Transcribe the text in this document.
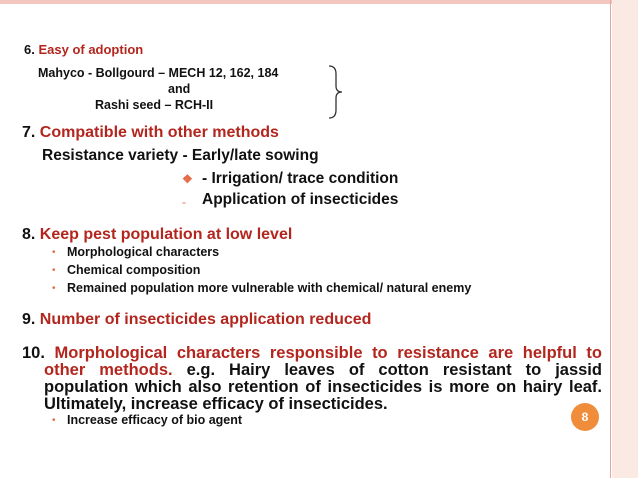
6. Easy of adoption
Mahyco - Bollgourd – MECH 12, 162, 184
and
Rashi seed – RCH-II
7. Compatible with other methods
Resistance variety - Early/late sowing
❖ - Irrigation/ trace condition
- Application of insecticides
8. Keep pest population at low level
• Morphological characters
• Chemical composition
• Remained population more vulnerable with chemical/ natural enemy
9. Number of insecticides application reduced
10. Morphological characters responsible to resistance are helpful to
other methods. e.g. Hairy leaves of cotton resistant to jassid
population which also retention of insecticides is more on hairy leaf.
Ultimately, increase efficacy of insecticides.
• Increase efficacy of bio agent	8
